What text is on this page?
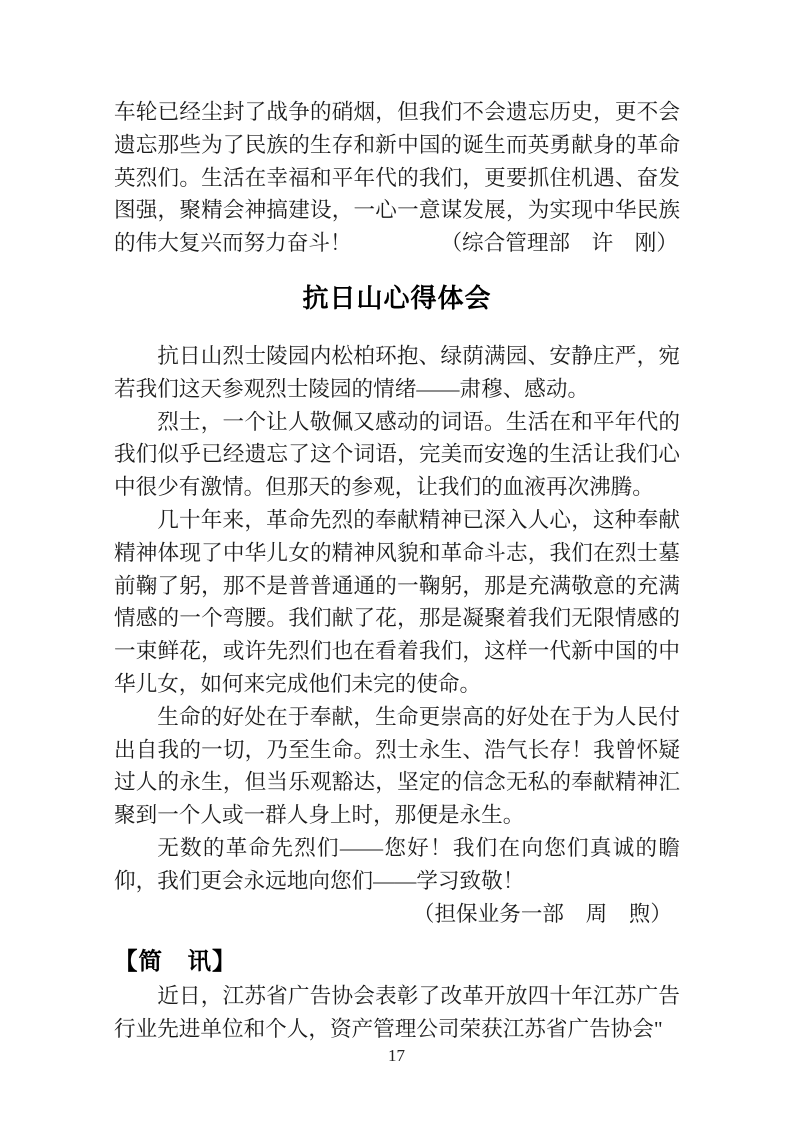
车轮已经尘封了战争的硝烟，但我们不会遗忘历史，更不会遗忘那些为了民族的生存和新中国的诞生而英勇献身的革命英烈们。生活在幸福和平年代的我们，更要抓住机遇、奋发图强，聚精会神搞建设，一心一意谋发展，为实现中华民族的伟大复兴而努力奋斗！	（综合管理部　许　刚）

抗日山心得体会

抗日山烈士陵园内松柏环抱、绿荫满园、安静庄严，宛若我们这天参观烈士陵园的情绪——肃穆、感动。

烈士，一个让人敬佩又感动的词语。生活在和平年代的我们似乎已经遗忘了这个词语，完美而安逸的生活让我们心中很少有激情。但那天的参观，让我们的血液再次沸腾。

几十年来，革命先烈的奉献精神已深入人心，这种奉献精神体现了中华儿女的精神风貌和革命斗志，我们在烈士墓前鞠了躬，那不是普普通通的一鞠躬，那是充满敬意的充满情感的一个弯腰。我们献了花，那是凝聚着我们无限情感的一束鲜花，或许先烈们也在看着我们，这样一代新中国的中华儿女，如何来完成他们未完的使命。

生命的好处在于奉献，生命更崇高的好处在于为人民付出自我的一切，乃至生命。烈士永生、浩气长存！我曾怀疑过人的永生，但当乐观豁达，坚定的信念无私的奉献精神汇聚到一个人或一群人身上时，那便是永生。

无数的革命先烈们——您好！我们在向您们真诚的瞻仰，我们更会永远地向您们——学习致敬！

（担保业务一部　周　煦）

【简　讯】

近日，江苏省广告协会表彰了改革开放四十年江苏广告行业先进单位和个人，资产管理公司荣获江苏省广告协会"

17
